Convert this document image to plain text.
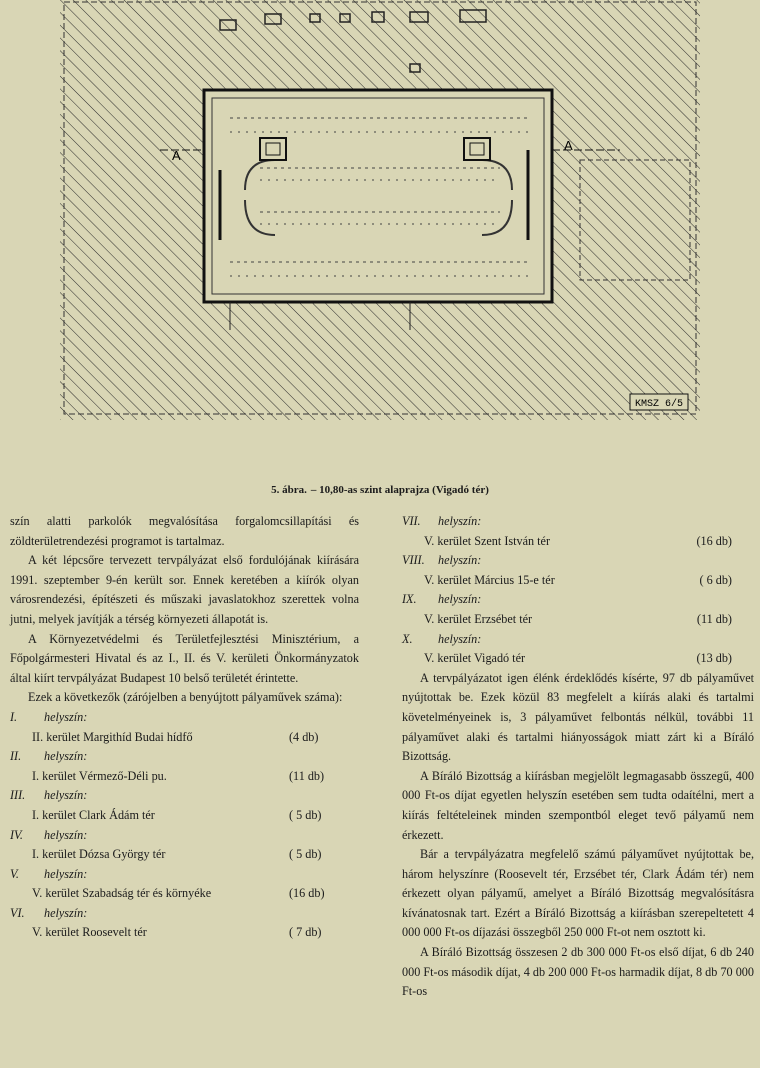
A
A
KMSZ 6/5
5. ábra. – 10,80-as szint alaprajza (Vigadó tér)

szín alatti parkolók megvalósítása forgalomcsillapítási és zöldterületrendezési programot is tartalmaz.

A két lépcsőre tervezett tervpályázat első fordulójának kiírására 1991. szeptember 9-én került sor. Ennek keretében a kiírók olyan városrendezési, építészeti és műszaki javaslatokhoz szerettek volna jutni, melyek javítják a térség környezeti állapotát is.

A Környezetvédelmi és Területfejlesztési Minisztérium, a Főpolgármesteri Hivatal és az I., II. és V. kerületi Önkormányzatok által kiírt tervpályázat Budapest 10 belső területét érintette.

Ezek a következők (zárójelben a benyújtott pályaművek száma):

I. helyszín:
II. kerület Margithíd Budai hídfő	(4 db)
II. helyszín:
I. kerület Vérmező-Déli pu.	(11 db)
III. helyszín:
I. kerület Clark Ádám tér	( 5 db)
IV. helyszín:
I. kerület Dózsa György tér	( 5 db)
V. helyszín:
V. kerület Szabadság tér és környéke	(16 db)
VI. helyszín:
V. kerület Roosevelt tér	( 7 db)
VII. helyszín:
V. kerület Szent István tér	(16 db)
VIII. helyszín:
V. kerület Március 15-e tér	( 6 db)
IX. helyszín:
V. kerület Erzsébet tér	(11 db)
X. helyszín:
V. kerület Vigadó tér	(13 db)

A tervpályázatot igen élénk érdeklődés kísérte, 97 db pályaművet nyújtottak be. Ezek közül 83 megfelelt a kiírás alaki és tartalmi követelményeinek is, 3 pályaművet felbontás nélkül, további 11 pályaművet alaki és tartalmi hiányosságok miatt zárt ki a Bíráló Bizottság.

A Bíráló Bizottság a kiírásban megjelölt legmagasabb összegű, 400 000 Ft-os díjat egyetlen helyszín esetében sem tudta odaítélni, mert a kiírás feltételeinek minden szempontból eleget tevő pályamű nem érkezett.

Bár a tervpályázatra megfelelő számú pályaművet nyújtottak be, három helyszínre (Roosevelt tér, Erzsébet tér, Clark Ádám tér) nem érkezett olyan pályamű, amelyet a Bíráló Bizottság megvalósításra kívánatosnak tart. Ezért a Bíráló Bizottság a kiírásban szerepeltetett 4 000 000 Ft-os díjazási összegből 250 000 Ft-ot nem osztott ki.

A Bíráló Bizottság összesen 2 db 300 000 Ft-os első díjat, 6 db 240 000 Ft-os második díjat, 4 db 200 000 Ft-os harmadik díjat, 8 db 70 000 Ft-os
